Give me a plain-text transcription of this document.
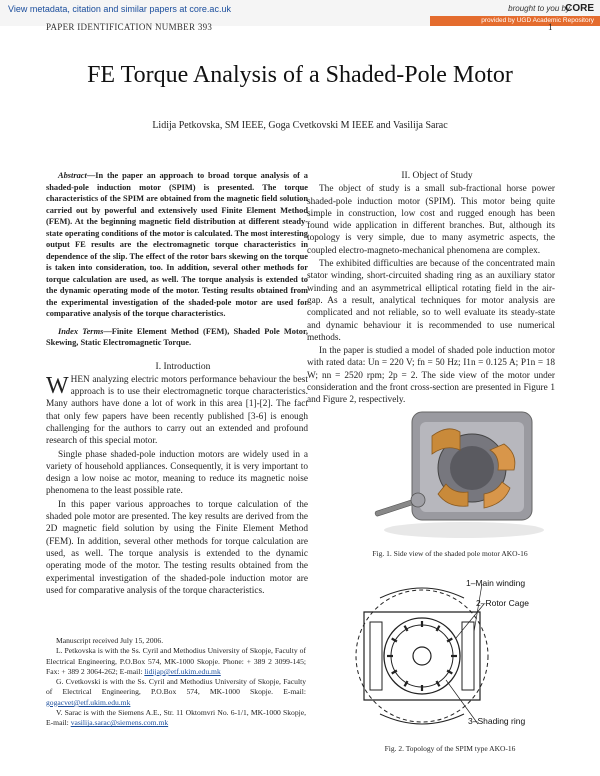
View metadata, citation and similar papers at core.ac.uk	brought to you by
CORE
provided by UGD Academic Repository
PAPER IDENTIFICATION NUMBER 393	1
FE Torque Analysis of a Shaded-Pole Motor
Lidija Petkovska, SM IEEE, Goga Cvetkovski M IEEE and Vasilija Sarac

Abstract—In the paper an approach to broad torque analysis of a shaded-pole induction motor (SPIM) is presented. The torque characteristics of the SPIM are obtained from the magnetic field solution carried out by powerful and extensively used Finite Element Method (FEM). At the beginning magnetic field distribution at different steady-state operating conditions of the motor is calculated. The most interesting output FE results are the electromagnetic torque characteristics in dependence of the slip. The effect of the rotor bars skewing on the torque is taken into consideration, too. In addition, several other methods for torque calculation are used, as well. The torque analysis is extended to the dynamic operating mode of the motor. Testing results obtained from the experimental investigation of the shaded-pole motor are used for comparative analysis of the torque characteristics.

Index Terms—Finite Element Method (FEM), Shaded Pole Motor, Skewing, Static Electromagnetic Torque.

I. Introduction

WHEN analyzing electric motors performance behaviour the best approach is to use their electromagnetic torque characteristics. Many authors have done a lot of work in this area [1]-[2]. The fact that only few papers have been recently published [3-6] is enough challenging for the authors to carry out an extended and profound research of this special motor.

Single phase shaded-pole induction motors are widely used in a variety of household appliances. Consequently, it is very important to design a low noise ac motor, meaning to reduce its magnetic noise phenomena to the least possible rate.

In this paper various approaches to torque calculation of the shaded pole motor are presented. The key results are derived from the 2D magnetic field solution by using the Finite Element Method (FEM). In addition, several other methods for torque calculation are used, as well. The torque analysis is extended to the dynamic operating mode of the motor. The testing results obtained from the experimental investigation of the shaded-pole induction motor are used for comparative analysis of the torque characteristics.

Manuscript received July 15, 2006.

L. Petkovska is with the Ss. Cyril and Methodius University of Skopje, Faculty of Electrical Engineering, P.O.Box 574, MK-1000 Skopje. Phone: + 389 2 3099-145; Fax: + 389 2 3064-262; E-mail: lidijap@etf.ukim.edu.mk

G. Cvetkovski is with the Ss. Cyril and Methodius University of Skopje, Faculty of Electrical Engineering, P.O.Box 574, MK-1000 Skopje. E-mail: gogacvet@etf.ukim.edu.mk

V. Sarac is with the Siemens A.E., Str. 11 Oktomvri No. 6-1/1, MK-1000 Skopje, E-mail: vasilija.sarac@siemens.com.mk

II. Object of Study

The object of study is a small sub-fractional horse power shaded-pole induction motor (SPIM). This motor being quite simple in construction, low cost and rugged enough has been found wide application in different branches. But, although its topology is very simple, due to many asymetric aspects, the coupled electro-magneto-mechanical phenomena are complex.

The exhibited difficulties are because of the concentrated main stator winding, short-circuited shading ring as an auxiliary stator winding and an asymmetrical elliptical rotating field in the air-gap. As a result, analytical techniques for motor analysis are complicated and not reliable, so to well evaluate its steady-state and dynamic behaviour it is recommended to use numerical methods.

In the paper is studied a model of shaded pole induction motor with rated data: Un = 220 V; fn = 50 Hz; I1n = 0.125 A; P1n = 18 W; nn = 2520 rpm; 2p = 2. The side view of the motor under consideration and the front cross-section are presented in Figure 1 and Figure 2, respectively.

Fig. 1. Side view of the shaded pole motor AKO-16
1–Main winding
2–Rotor Cage
3–Shading ring
Fig. 2. Topology of the SPIM type AKO-16
